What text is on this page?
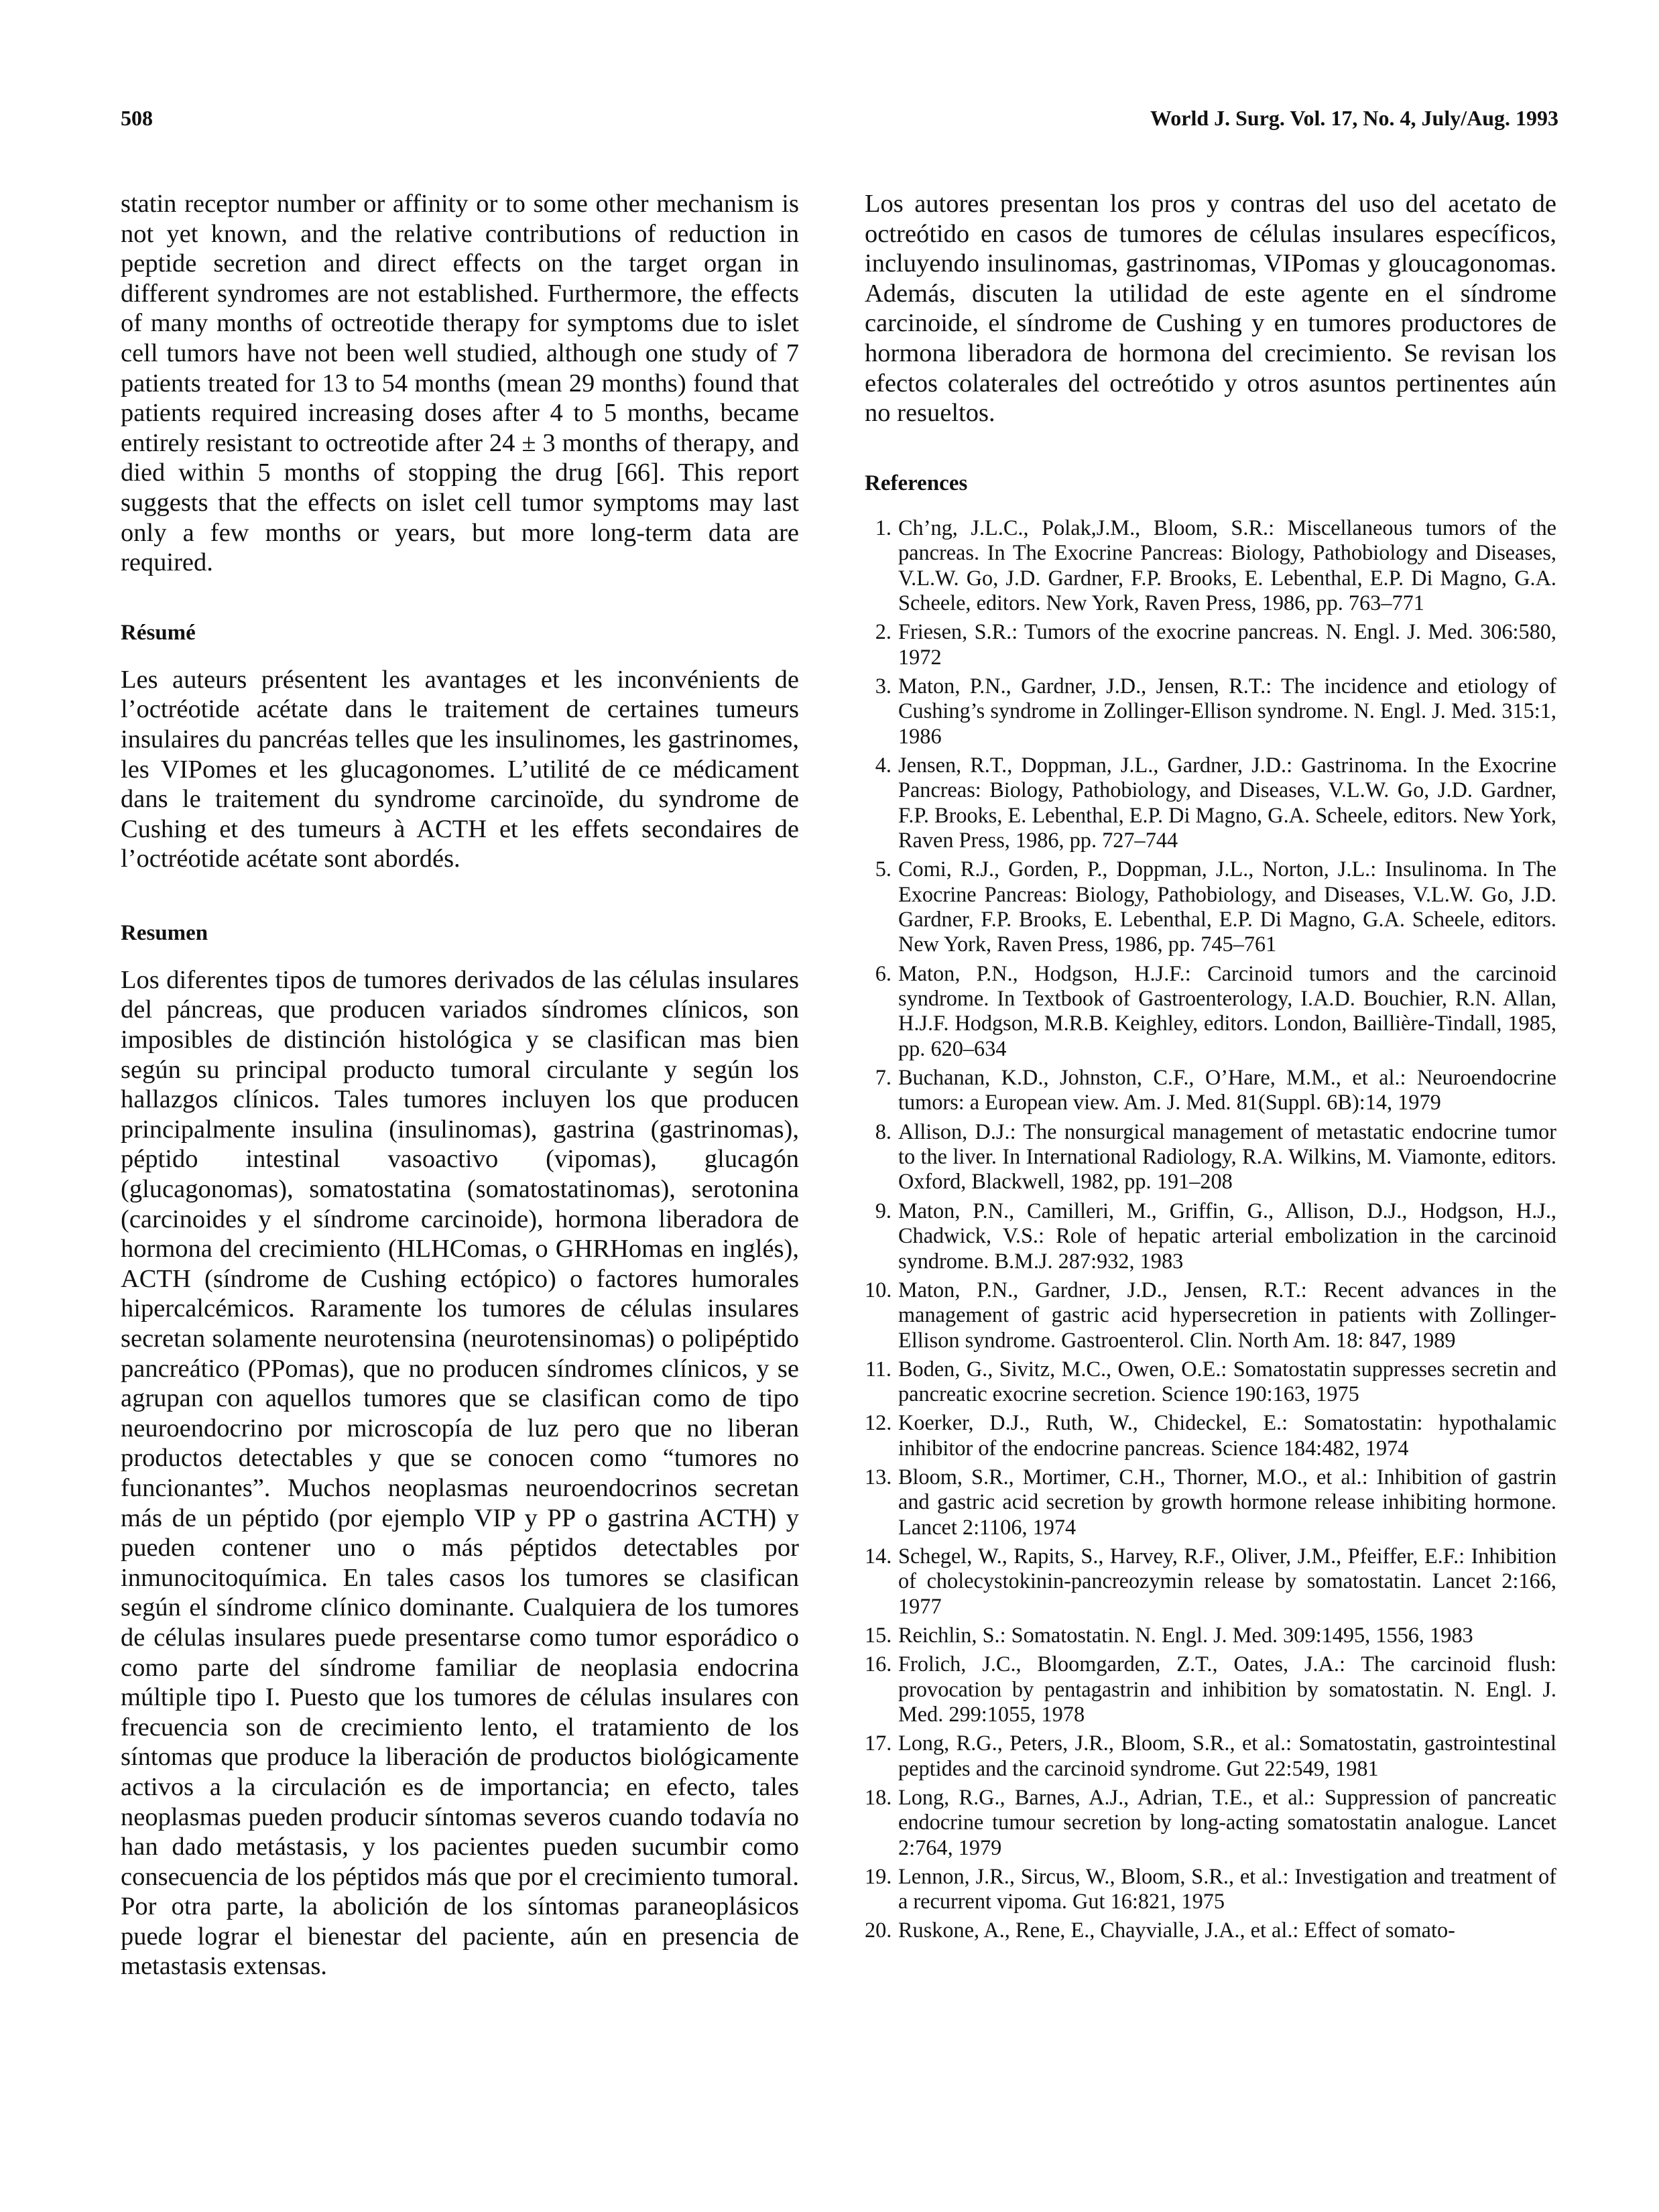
508	World J. Surg. Vol. 17, No. 4, July/Aug. 1993

statin receptor number or affinity or to some other mechanism is not yet known, and the relative contributions of reduction in peptide secretion and direct effects on the target organ in different syndromes are not established. Furthermore, the effects of many months of octreotide therapy for symptoms due to islet cell tumors have not been well studied, although one study of 7 patients treated for 13 to 54 months (mean 29 months) found that patients required increasing doses after 4 to 5 months, became entirely resistant to octreotide after 24 ± 3 months of therapy, and died within 5 months of stopping the drug [66]. This report suggests that the effects on islet cell tumor symptoms may last only a few months or years, but more long-term data are required.

Résumé

Les auteurs présentent les avantages et les inconvénients de l’octréotide acétate dans le traitement de certaines tumeurs insulaires du pancréas telles que les insulinomes, les gastrinomes, les VIPomes et les glucagonomes. L’utilité de ce médicament dans le traitement du syndrome carcinoïde, du syndrome de Cushing et des tumeurs à ACTH et les effets secondaires de l’octréotide acétate sont abordés.

Resumen

Los diferentes tipos de tumores derivados de las células insulares del páncreas, que producen variados síndromes clínicos, son imposibles de distinción histológica y se clasifican mas bien según su principal producto tumoral circulante y según los hallazgos clínicos. Tales tumores incluyen los que producen principalmente insulina (insulinomas), gastrina (gastrinomas), péptido intestinal vasoactivo (vipomas), glucagón (glucagonomas), somatostatina (somatostatinomas), serotonina (carcinoides y el síndrome carcinoide), hormona liberadora de hormona del crecimiento (HLHComas, o GHRHomas en inglés), ACTH (síndrome de Cushing ectópico) o factores humorales hipercalcémicos. Raramente los tumores de células insulares secretan solamente neurotensina (neurotensinomas) o polipéptido pancreático (PPomas), que no producen síndromes clínicos, y se agrupan con aquellos tumores que se clasifican como de tipo neuroendocrino por microscopía de luz pero que no liberan productos detectables y que se conocen como “tumores no funcionantes”. Muchos neoplasmas neuroendocrinos secretan más de un péptido (por ejemplo VIP y PP o gastrina ACTH) y pueden contener uno o más péptidos detectables por inmunocitoquímica. En tales casos los tumores se clasifican según el síndrome clínico dominante. Cualquiera de los tumores de células insulares puede presentarse como tumor esporádico o como parte del síndrome familiar de neoplasia endocrina múltiple tipo I. Puesto que los tumores de células insulares con frecuencia son de crecimiento lento, el tratamiento de los síntomas que produce la liberación de productos biológicamente activos a la circulación es de importancia; en efecto, tales neoplasmas pueden producir síntomas severos cuando todavía no han dado metástasis, y los pacientes pueden sucumbir como consecuencia de los péptidos más que por el crecimiento tumoral. Por otra parte, la abolición de los síntomas paraneoplásicos puede lograr el bienestar del paciente, aún en presencia de metastasis extensas.

Los autores presentan los pros y contras del uso del acetato de octreótido en casos de tumores de células insulares específicos, incluyendo insulinomas, gastrinomas, VIPomas y gloucagonomas. Además, discuten la utilidad de este agente en el síndrome carcinoide, el síndrome de Cushing y en tumores productores de hormona liberadora de hormona del crecimiento. Se revisan los efectos colaterales del octreótido y otros asuntos pertinentes aún no resueltos.

References
1. Ch’ng, J.L.C., Polak,J.M., Bloom, S.R.: Miscellaneous tumors of the pancreas. In The Exocrine Pancreas: Biology, Pathobiology and Diseases, V.L.W. Go, J.D. Gardner, F.P. Brooks, E. Lebenthal, E.P. Di Magno, G.A. Scheele, editors. New York, Raven Press, 1986, pp. 763–771
2. Friesen, S.R.: Tumors of the exocrine pancreas. N. Engl. J. Med. 306:580, 1972
3. Maton, P.N., Gardner, J.D., Jensen, R.T.: The incidence and etiology of Cushing’s syndrome in Zollinger-Ellison syndrome. N. Engl. J. Med. 315:1, 1986
4. Jensen, R.T., Doppman, J.L., Gardner, J.D.: Gastrinoma. In the Exocrine Pancreas: Biology, Pathobiology, and Diseases, V.L.W. Go, J.D. Gardner, F.P. Brooks, E. Lebenthal, E.P. Di Magno, G.A. Scheele, editors. New York, Raven Press, 1986, pp. 727–744
5. Comi, R.J., Gorden, P., Doppman, J.L., Norton, J.L.: Insulinoma. In The Exocrine Pancreas: Biology, Pathobiology, and Diseases, V.L.W. Go, J.D. Gardner, F.P. Brooks, E. Lebenthal, E.P. Di Magno, G.A. Scheele, editors. New York, Raven Press, 1986, pp. 745–761
6. Maton, P.N., Hodgson, H.J.F.: Carcinoid tumors and the carcinoid syndrome. In Textbook of Gastroenterology, I.A.D. Bouchier, R.N. Allan, H.J.F. Hodgson, M.R.B. Keighley, editors. London, Baillière-Tindall, 1985, pp. 620–634
7. Buchanan, K.D., Johnston, C.F., O’Hare, M.M., et al.: Neuroendocrine tumors: a European view. Am. J. Med. 81(Suppl. 6B):14, 1979
8. Allison, D.J.: The nonsurgical management of metastatic endocrine tumor to the liver. In International Radiology, R.A. Wilkins, M. Viamonte, editors. Oxford, Blackwell, 1982, pp. 191–208
9. Maton, P.N., Camilleri, M., Griffin, G., Allison, D.J., Hodgson, H.J., Chadwick, V.S.: Role of hepatic arterial embolization in the carcinoid syndrome. B.M.J. 287:932, 1983
10. Maton, P.N., Gardner, J.D., Jensen, R.T.: Recent advances in the management of gastric acid hypersecretion in patients with Zollinger-Ellison syndrome. Gastroenterol. Clin. North Am. 18: 847, 1989
11. Boden, G., Sivitz, M.C., Owen, O.E.: Somatostatin suppresses secretin and pancreatic exocrine secretion. Science 190:163, 1975
12. Koerker, D.J., Ruth, W., Chideckel, E.: Somatostatin: hypothalamic inhibitor of the endocrine pancreas. Science 184:482, 1974
13. Bloom, S.R., Mortimer, C.H., Thorner, M.O., et al.: Inhibition of gastrin and gastric acid secretion by growth hormone release inhibiting hormone. Lancet 2:1106, 1974
14. Schegel, W., Rapits, S., Harvey, R.F., Oliver, J.M., Pfeiffer, E.F.: Inhibition of cholecystokinin-pancreozymin release by somatostatin. Lancet 2:166, 1977
15. Reichlin, S.: Somatostatin. N. Engl. J. Med. 309:1495, 1556, 1983
16. Frolich, J.C., Bloomgarden, Z.T., Oates, J.A.: The carcinoid flush: provocation by pentagastrin and inhibition by somatostatin. N. Engl. J. Med. 299:1055, 1978
17. Long, R.G., Peters, J.R., Bloom, S.R., et al.: Somatostatin, gastrointestinal peptides and the carcinoid syndrome. Gut 22:549, 1981
18. Long, R.G., Barnes, A.J., Adrian, T.E., et al.: Suppression of pancreatic endocrine tumour secretion by long-acting somatostatin analogue. Lancet 2:764, 1979
19. Lennon, J.R., Sircus, W., Bloom, S.R., et al.: Investigation and treatment of a recurrent vipoma. Gut 16:821, 1975
20. Ruskone, A., Rene, E., Chayvialle, J.A., et al.: Effect of somato-
